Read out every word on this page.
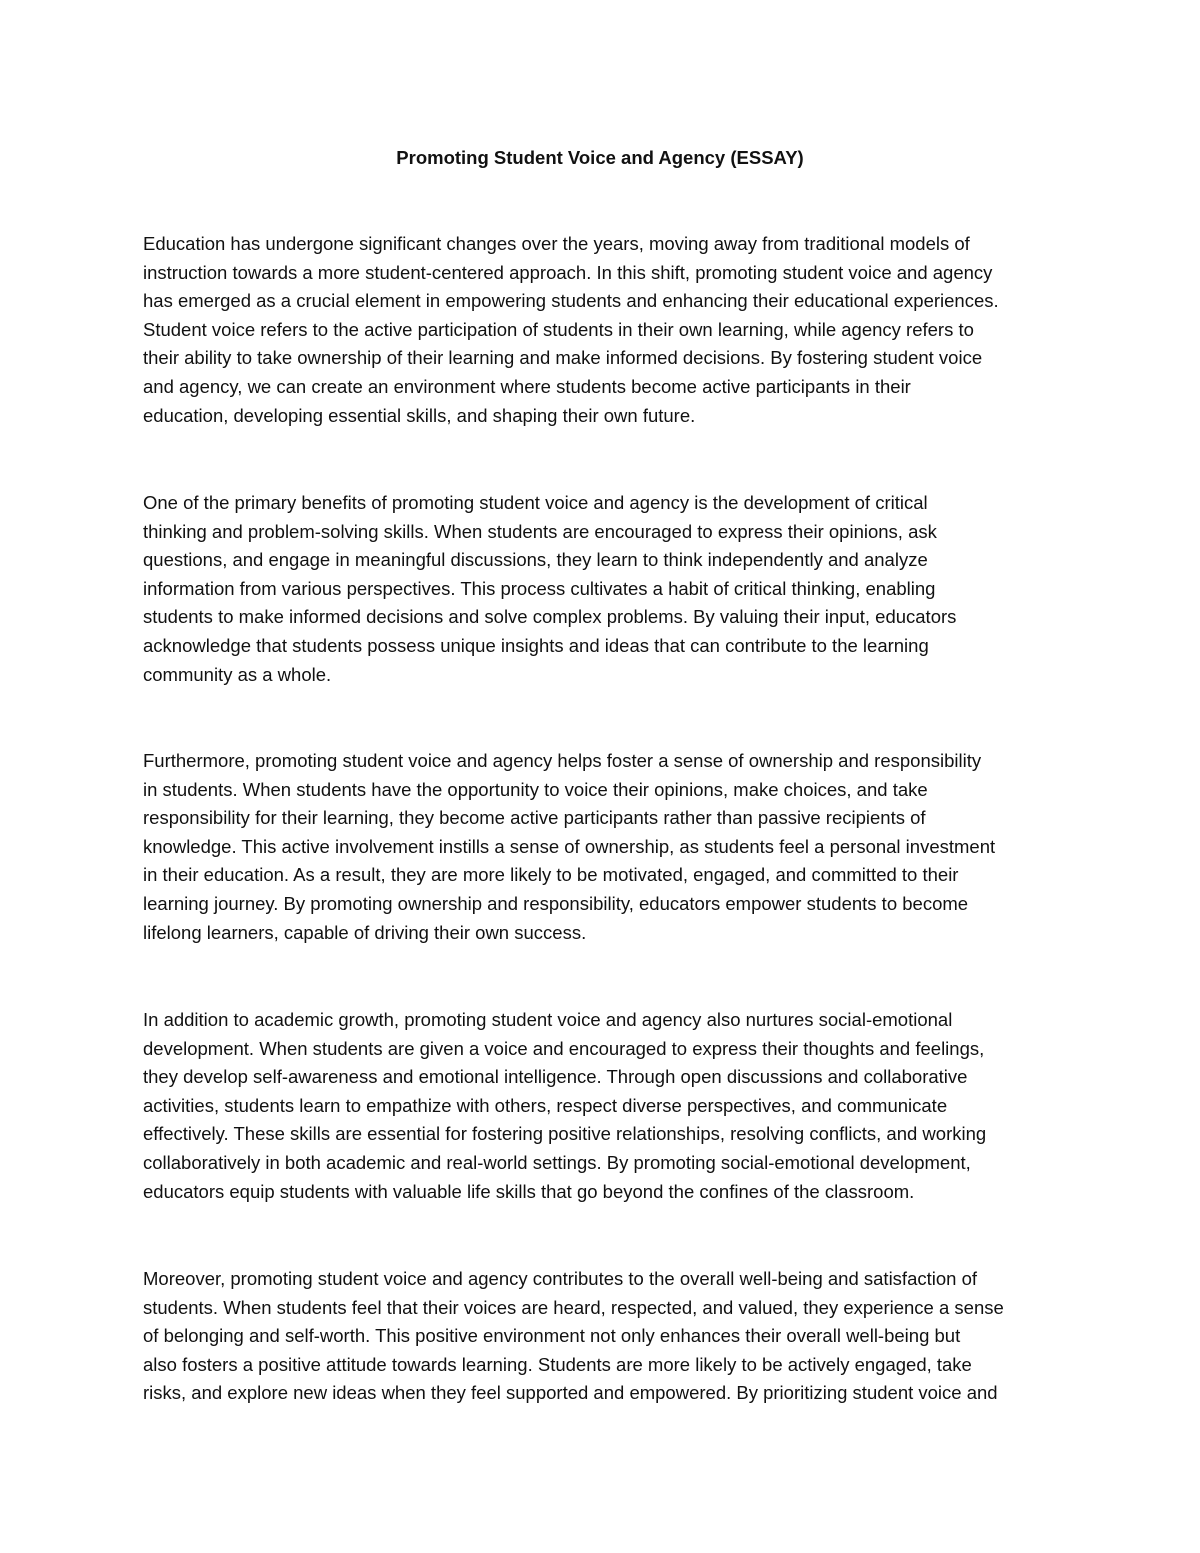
Promoting Student Voice and Agency (ESSAY)

Education has undergone significant changes over the years, moving away from traditional models of
instruction towards a more student-centered approach. In this shift, promoting student voice and agency
has emerged as a crucial element in empowering students and enhancing their educational experiences.
Student voice refers to the active participation of students in their own learning, while agency refers to
their ability to take ownership of their learning and make informed decisions. By fostering student voice
and agency, we can create an environment where students become active participants in their
education, developing essential skills, and shaping their own future.

One of the primary benefits of promoting student voice and agency is the development of critical
thinking and problem-solving skills. When students are encouraged to express their opinions, ask
questions, and engage in meaningful discussions, they learn to think independently and analyze
information from various perspectives. This process cultivates a habit of critical thinking, enabling
students to make informed decisions and solve complex problems. By valuing their input, educators
acknowledge that students possess unique insights and ideas that can contribute to the learning
community as a whole.

Furthermore, promoting student voice and agency helps foster a sense of ownership and responsibility
in students. When students have the opportunity to voice their opinions, make choices, and take
responsibility for their learning, they become active participants rather than passive recipients of
knowledge. This active involvement instills a sense of ownership, as students feel a personal investment
in their education. As a result, they are more likely to be motivated, engaged, and committed to their
learning journey. By promoting ownership and responsibility, educators empower students to become
lifelong learners, capable of driving their own success.

In addition to academic growth, promoting student voice and agency also nurtures social-emotional
development. When students are given a voice and encouraged to express their thoughts and feelings,
they develop self-awareness and emotional intelligence. Through open discussions and collaborative
activities, students learn to empathize with others, respect diverse perspectives, and communicate
effectively. These skills are essential for fostering positive relationships, resolving conflicts, and working
collaboratively in both academic and real-world settings. By promoting social-emotional development,
educators equip students with valuable life skills that go beyond the confines of the classroom.

Moreover, promoting student voice and agency contributes to the overall well-being and satisfaction of
students. When students feel that their voices are heard, respected, and valued, they experience a sense
of belonging and self-worth. This positive environment not only enhances their overall well-being but
also fosters a positive attitude towards learning. Students are more likely to be actively engaged, take
risks, and explore new ideas when they feel supported and empowered. By prioritizing student voice and
